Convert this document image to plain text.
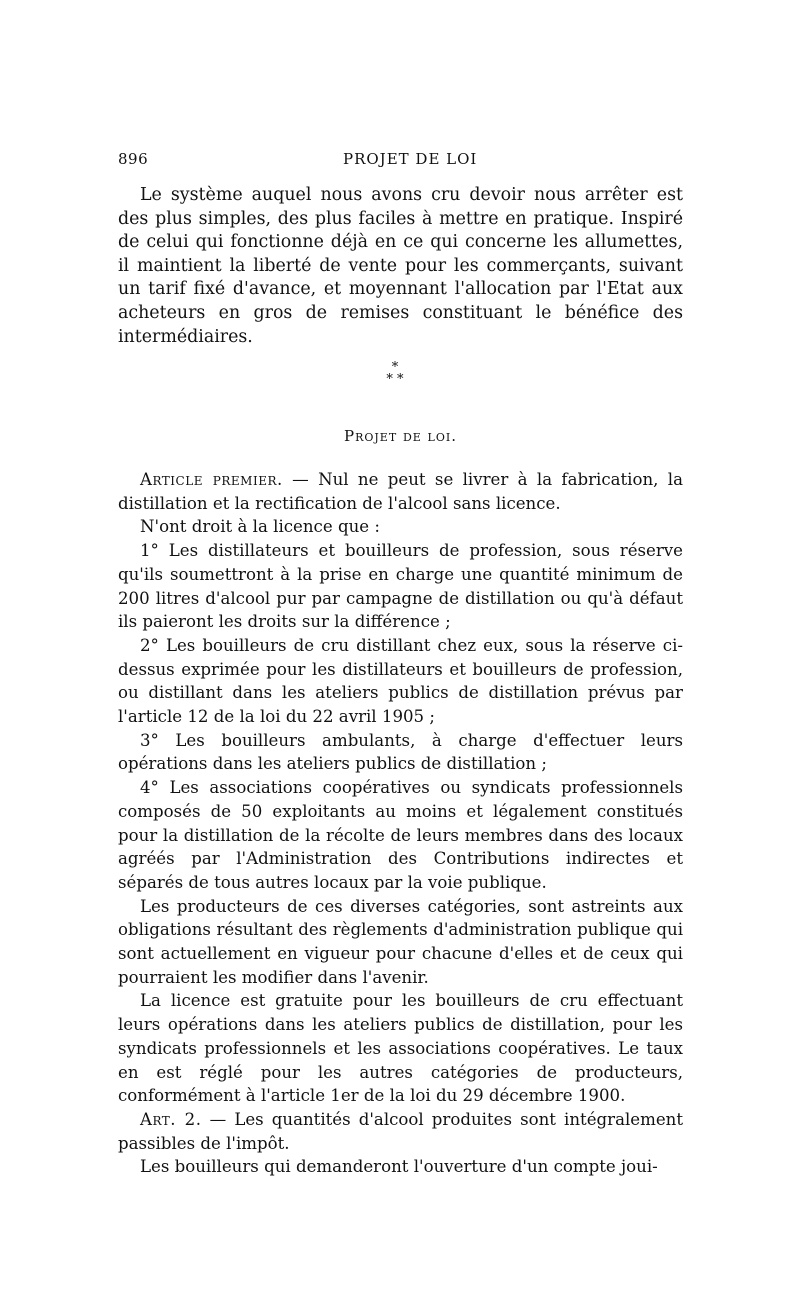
896	PROJET DE LOI

Le système auquel nous avons cru devoir nous arrêter est des plus simples, des plus faciles à mettre en pratique. Inspiré de celui qui fonctionne déjà en ce qui concerne les allumettes, il maintient la liberté de vente pour les commerçants, suivant un tarif fixé d'avance, et moyennant l'allocation par l'Etat aux acheteurs en gros de remises constituant le bénéfice des intermédiaires.

*
* *
Projet de loi.

Article premier. — Nul ne peut se livrer à la fabrication, la distillation et la rectification de l'alcool sans licence.

N'ont droit à la licence que :

1° Les distillateurs et bouilleurs de profession, sous réserve qu'ils soumettront à la prise en charge une quantité minimum de 200 litres d'alcool pur par campagne de distillation ou qu'à défaut ils paieront les droits sur la différence ;

2° Les bouilleurs de cru distillant chez eux, sous la réserve ci-dessus exprimée pour les distillateurs et bouilleurs de profession, ou distillant dans les ateliers publics de distillation prévus par l'article 12 de la loi du 22 avril 1905 ;

3° Les bouilleurs ambulants, à charge d'effectuer leurs opérations dans les ateliers publics de distillation ;

4° Les associations coopératives ou syndicats professionnels composés de 50 exploitants au moins et légalement constitués pour la distillation de la récolte de leurs membres dans des locaux agréés par l'Administration des Contributions indirectes et séparés de tous autres locaux par la voie publique.

Les producteurs de ces diverses catégories, sont astreints aux obligations résultant des règlements d'administration publique qui sont actuellement en vigueur pour chacune d'elles et de ceux qui pourraient les modifier dans l'avenir.

La licence est gratuite pour les bouilleurs de cru effectuant leurs opérations dans les ateliers publics de distillation, pour les syndicats professionnels et les associations coopératives. Le taux en est réglé pour les autres catégories de producteurs, conformément à l'article 1er de la loi du 29 décembre 1900.

Art. 2. — Les quantités d'alcool produites sont intégralement passibles de l'impôt.

Les bouilleurs qui demanderont l'ouverture d'un compte joui-
